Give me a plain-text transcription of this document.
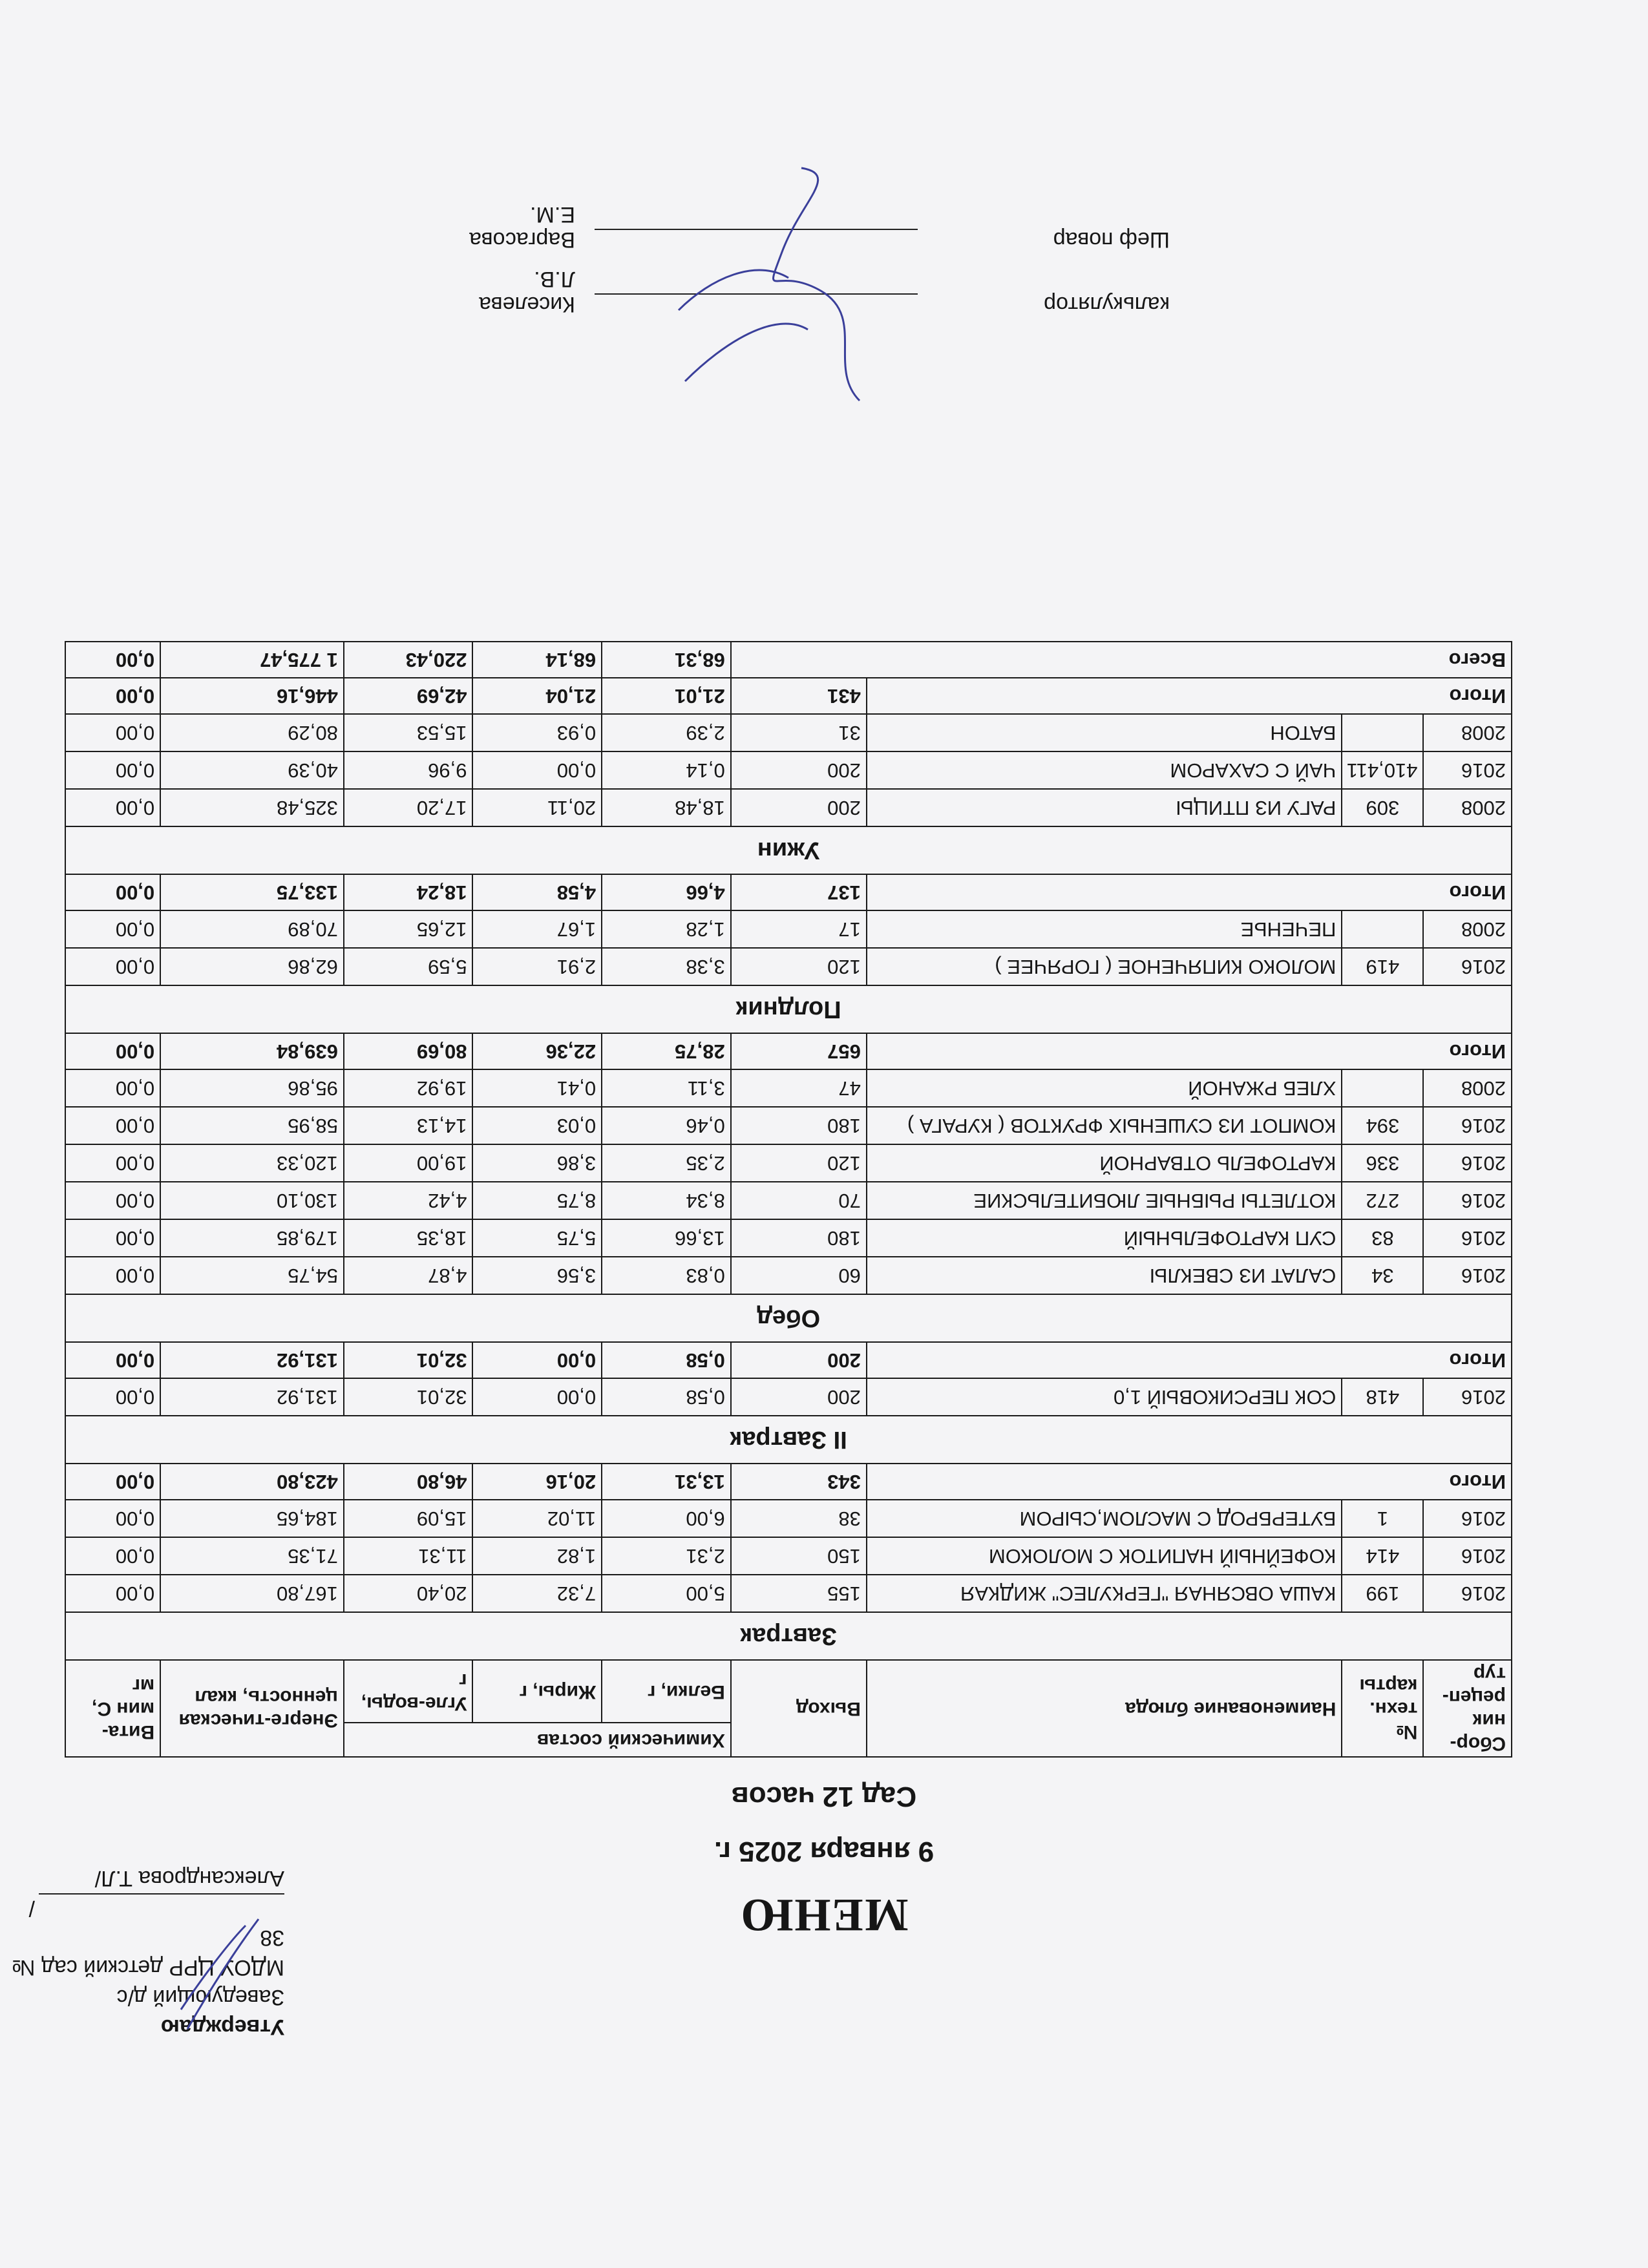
Утверждаю
Заведующий д/с
МДОУ ЦРР детский сад № 38
/Александрова Т.Л/
МЕНЮ
9 января 2025 г.
Сад 12 часов
Сбор-ник рецеп-тур	№ техн. карты	Наименование блюда	Выход	Химический состав			Энерге-тическая ценность, ккал	Вита-мин С, мг
				Белки, г	Жиры, г	Угле-воды, г		
Завтрак								
2016	199	КАША ОВСЯНАЯ "ГЕРКУЛЕС" ЖИДКАЯ	155	5,00	7,32	20,40	167,80	0,00
2016	414	КОФЕЙНЫЙ НАПИТОК С МОЛОКОМ	150	2,31	1,82	11,31	71,35	0,00
2016	1	БУТЕРБРОД С МАСЛОМ,СЫРОМ	38	6,00	11,02	15,09	184,65	0,00
Итого			343	13,31	20,16	46,80	423,80	0,00
II Завтрак								
2016	418	СОК ПЕРСИКОВЫЙ 1,0	200	0,58	0,00	32,01	131,92	0,00
Итого			200	0,58	0,00	32,01	131,92	0,00
Обед								
2016	34	САЛАТ ИЗ СВЕКЛЫ	60	0,83	3,56	4,87	54,75	0,00
2016	83	СУП КАРТОФЕЛЬНЫЙ	180	13,66	5,75	18,35	179,85	0,00
2016	272	КОТЛЕТЫ РЫБНЫЕ ЛЮБИТЕЛЬСКИЕ	70	8,34	8,75	4,42	130,10	0,00
2016	336	КАРТОФЕЛЬ ОТВАРНОЙ	120	2,35	3,86	19,00	120,33	0,00
2016	394	КОМПОТ ИЗ СУШЕНЫХ ФРУКТОВ ( КУРАГА )	180	0,46	0,03	14,13	58,95	0,00
2008		ХЛЕБ РЖАНОЙ	47	3,11	0,41	19,92	95,86	0,00
Итого			657	28,75	22,36	80,69	639,84	0,00
Полдник								
2016	419	МОЛОКО КИПЯЧЕНОЕ ( ГОРЯЧЕЕ )	120	3,38	2,91	5,59	62,86	0,00
2008		ПЕЧЕНЬЕ	17	1,28	1,67	12,65	70,89	0,00
Итого			137	4,66	4,58	18,24	133,75	0,00
Ужин								
2008	309	РАГУ ИЗ ПТИЦЫ	200	18,48	20,11	17,20	325,48	0,00
2016	410,411	ЧАЙ С САХАРОМ	200	0,14	0,00	9,96	40,39	0,00
2008		БАТОН	31	2,39	0,93	15,53	80,29	0,00
Итого			431	21,01	21,04	42,69	446,16	0,00
Всего				68,31	68,14	220,43	1 775,47	0,00
калькулятор
Киселева Л.В.
Шеф повар
Варгасова Е.М.
